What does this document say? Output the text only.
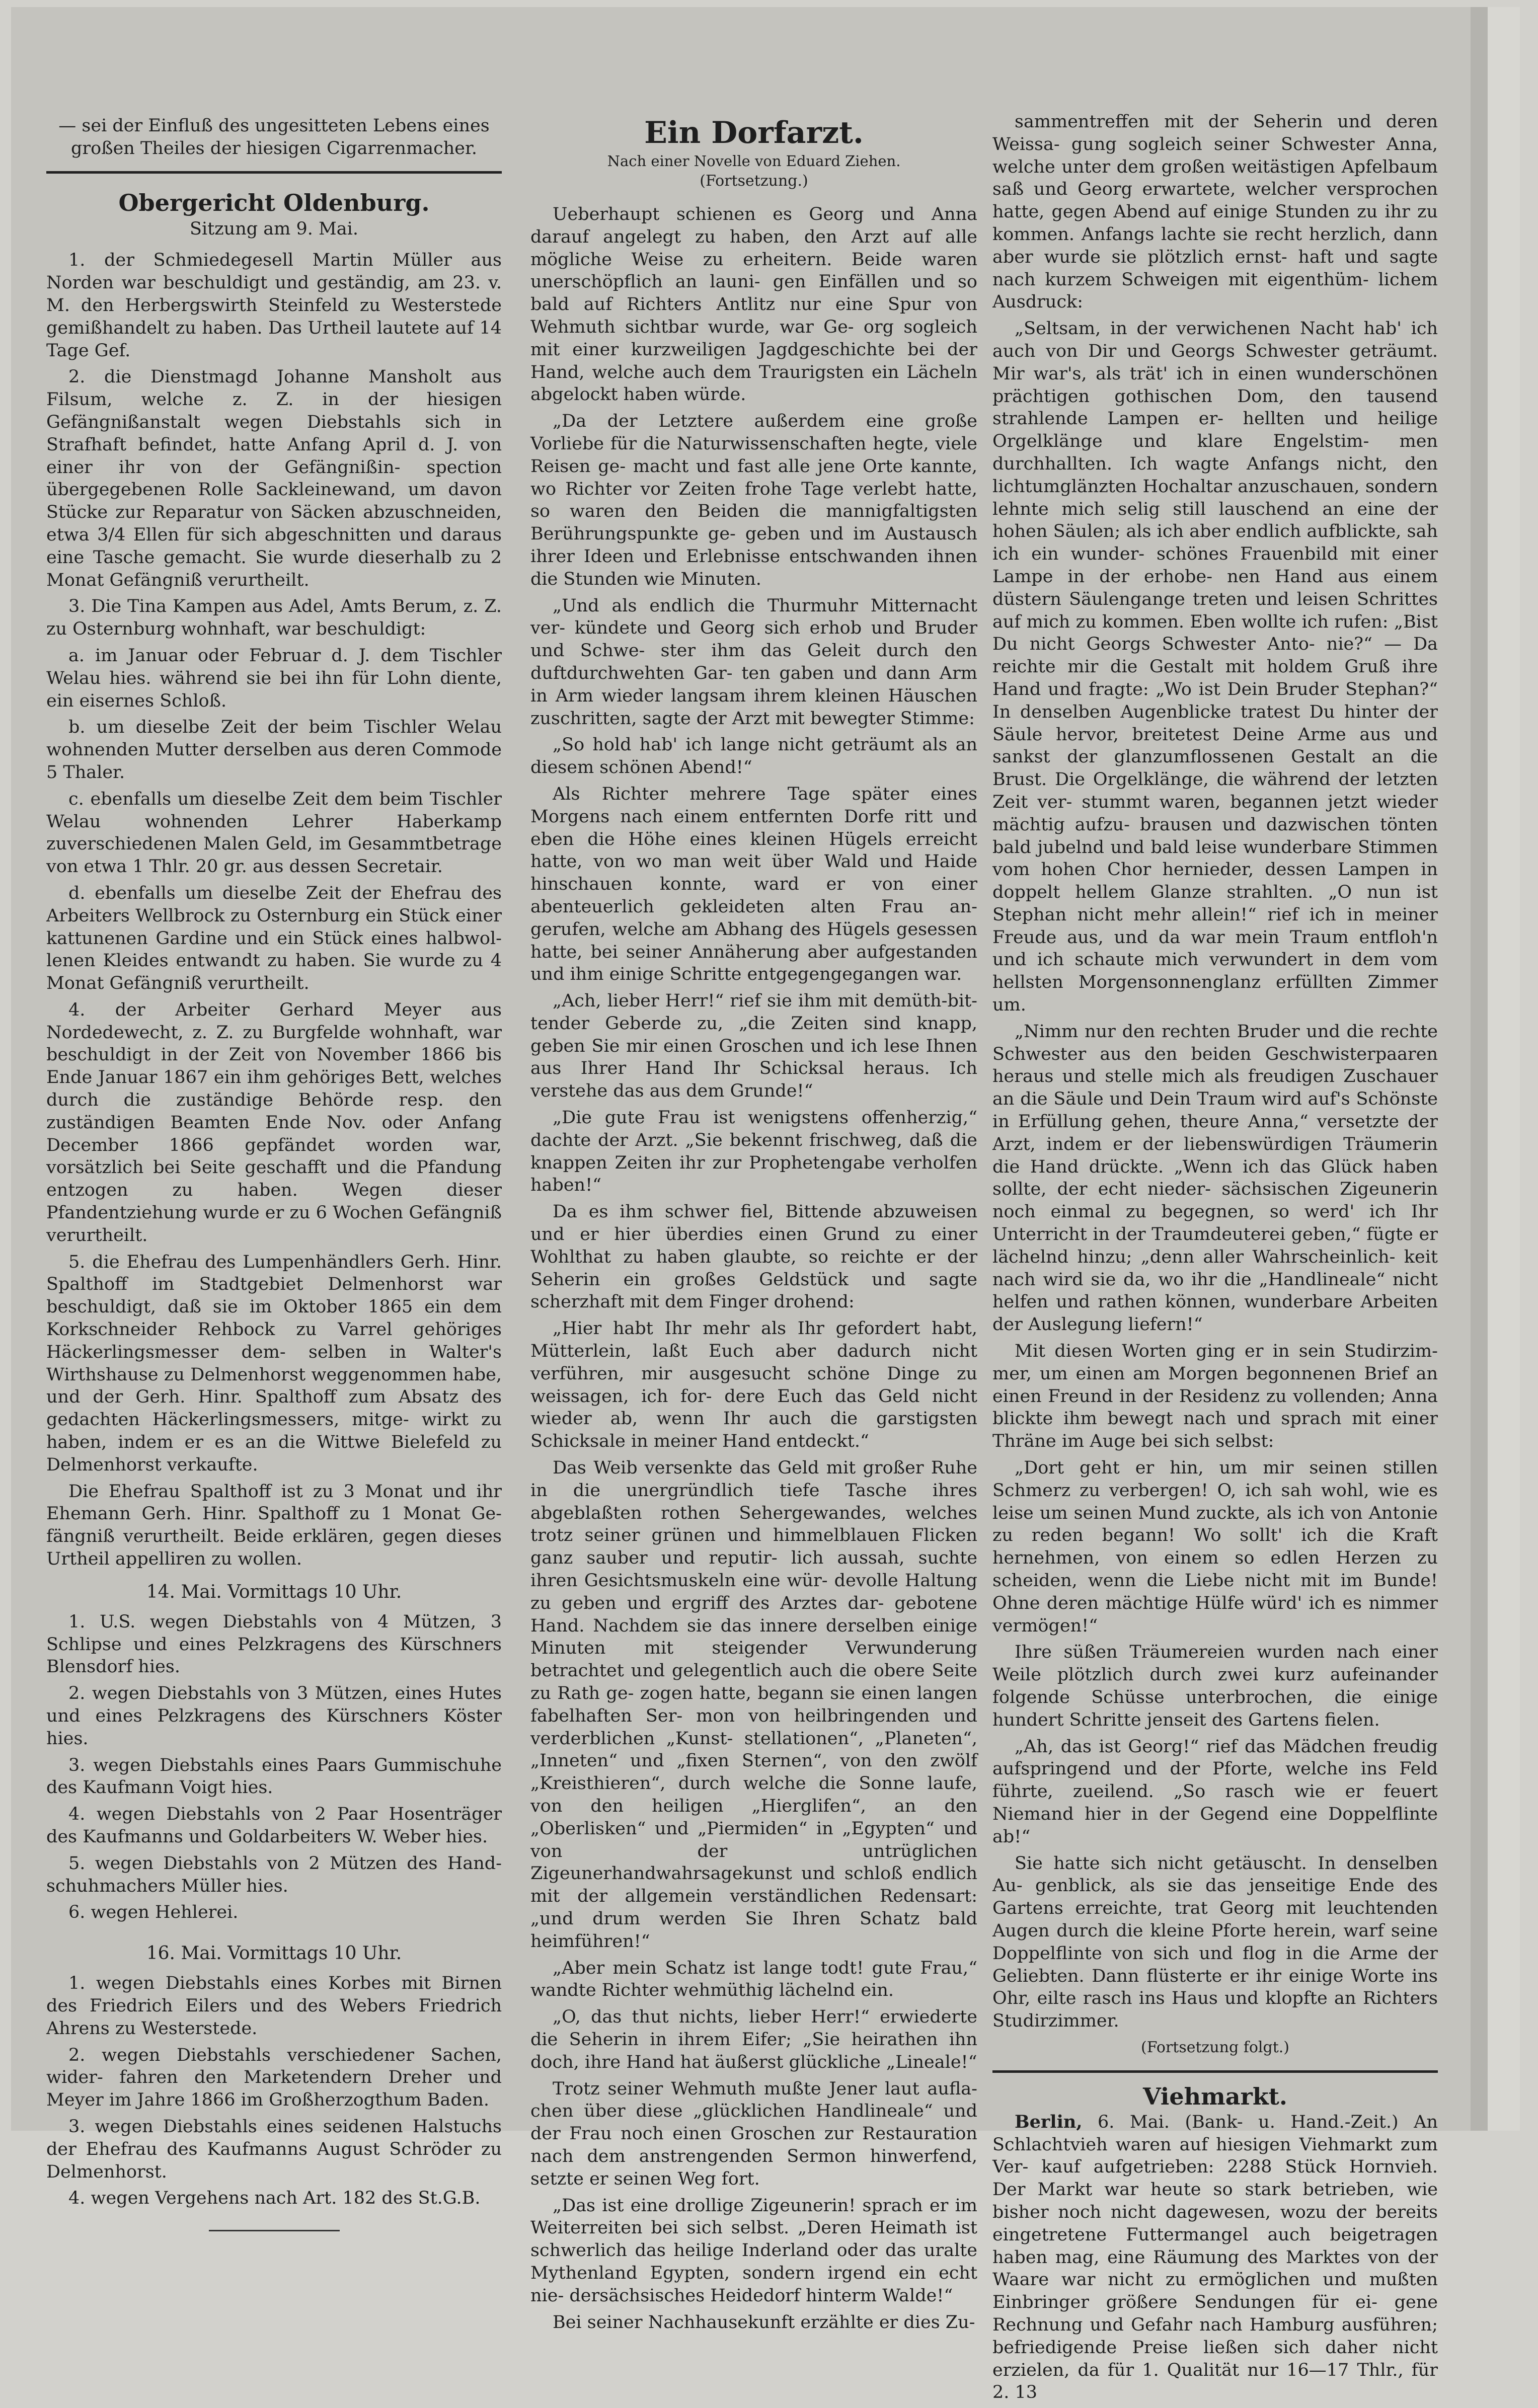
— sei der Einfluß des ungesitteten Lebens eines

großen Theiles der hiesigen Cigarrenmacher.

Obergericht Oldenburg.

Sitzung am 9. Mai.

1. der Schmiedegesell Martin Müller aus Norden war beschuldigt und geständig, am 23. v. M. den Herbergswirth Steinfeld zu Westerstede gemißhandelt zu haben. Das Urtheil lautete auf 14 Tage Gef.

2. die Dienstmagd Johanne Mansholt aus Filsum, welche z. Z. in der hiesigen Gefängnißanstalt wegen Diebstahls sich in Strafhaft befindet, hatte Anfang April d. J. von einer ihr von der Gefängnißin- spection übergegebenen Rolle Sackleinewand, um davon Stücke zur Reparatur von Säcken abzuschneiden, etwa 3/4 Ellen für sich abgeschnitten und daraus eine Tasche gemacht. Sie wurde dieserhalb zu 2 Monat Gefängniß verurtheilt.

3. Die Tina Kampen aus Adel, Amts Berum, z. Z. zu Osternburg wohnhaft, war beschuldigt:

a. im Januar oder Februar d. J. dem Tischler Welau hies. während sie bei ihn für Lohn diente, ein eisernes Schloß.

b. um dieselbe Zeit der beim Tischler Welau wohnenden Mutter derselben aus deren Commode 5 Thaler.

c. ebenfalls um dieselbe Zeit dem beim Tischler Welau wohnenden Lehrer Haberkamp zuverschiedenen Malen Geld, im Gesammtbetrage von etwa 1 Thlr. 20 gr. aus dessen Secretair.

d. ebenfalls um dieselbe Zeit der Ehefrau des Arbeiters Wellbrock zu Osternburg ein Stück einer kattunenen Gardine und ein Stück eines halbwol- lenen Kleides entwandt zu haben. Sie wurde zu 4 Monat Gefängniß verurtheilt.

4. der Arbeiter Gerhard Meyer aus Nordedewecht, z. Z. zu Burgfelde wohnhaft, war beschuldigt in der Zeit von November 1866 bis Ende Januar 1867 ein ihm gehöriges Bett, welches durch die zuständige Behörde resp. den zuständigen Beamten Ende Nov. oder Anfang December 1866 gepfändet worden war, vorsätzlich bei Seite geschafft und die Pfandung entzogen zu haben. Wegen dieser Pfandentziehung wurde er zu 6 Wochen Gefängniß verurtheilt.

5. die Ehefrau des Lumpenhändlers Gerh. Hinr. Spalthoff im Stadtgebiet Delmenhorst war beschuldigt, daß sie im Oktober 1865 ein dem Korkschneider Rehbock zu Varrel gehöriges Häckerlingsmesser dem- selben in Walter's Wirthshause zu Delmenhorst weggenommen habe, und der Gerh. Hinr. Spalthoff zum Absatz des gedachten Häckerlingsmessers, mitge- wirkt zu haben, indem er es an die Wittwe Bielefeld zu Delmenhorst verkaufte.

Die Ehefrau Spalthoff ist zu 3 Monat und ihr Ehemann Gerh. Hinr. Spalthoff zu 1 Monat Ge- fängniß verurtheilt. Beide erklären, gegen dieses Urtheil appelliren zu wollen.

14. Mai. Vormittags 10 Uhr.

1. U.S. wegen Diebstahls von 4 Mützen, 3 Schlipse und eines Pelzkragens des Kürschners Blensdorf hies.

2. wegen Diebstahls von 3 Mützen, eines Hutes und eines Pelzkragens des Kürschners Köster hies.

3. wegen Diebstahls eines Paars Gummischuhe des Kaufmann Voigt hies.

4. wegen Diebstahls von 2 Paar Hosenträger des Kaufmanns und Goldarbeiters W. Weber hies.

5. wegen Diebstahls von 2 Mützen des Hand- schuhmachers Müller hies.

6. wegen Hehlerei.

16. Mai. Vormittags 10 Uhr.

1. wegen Diebstahls eines Korbes mit Birnen des Friedrich Eilers und des Webers Friedrich Ahrens zu Westerstede.

2. wegen Diebstahls verschiedener Sachen, wider- fahren den Marketendern Dreher und Meyer im Jahre 1866 im Großherzogthum Baden.

3. wegen Diebstahls eines seidenen Halstuchs der Ehefrau des Kaufmanns August Schröder zu Delmenhorst.

4. wegen Vergehens nach Art. 182 des St.G.B.

Ein Dorfarzt.

Nach einer Novelle von Eduard Ziehen.

(Fortsetzung.)

Ueberhaupt schienen es Georg und Anna darauf angelegt zu haben, den Arzt auf alle mögliche Weise zu erheitern. Beide waren unerschöpflich an launi- gen Einfällen und so bald auf Richters Antlitz nur eine Spur von Wehmuth sichtbar wurde, war Ge- org sogleich mit einer kurzweiligen Jagdgeschichte bei der Hand, welche auch dem Traurigsten ein Lächeln abgelockt haben würde.

„Da der Letztere außerdem eine große Vorliebe für die Naturwissenschaften hegte, viele Reisen ge- macht und fast alle jene Orte kannte, wo Richter vor Zeiten frohe Tage verlebt hatte, so waren den Beiden die mannigfaltigsten Berührungspunkte ge- geben und im Austausch ihrer Ideen und Erlebnisse entschwanden ihnen die Stunden wie Minuten.

„Und als endlich die Thurmuhr Mitternacht ver- kündete und Georg sich erhob und Bruder und Schwe- ster ihm das Geleit durch den duftdurchwehten Gar- ten gaben und dann Arm in Arm wieder langsam ihrem kleinen Häuschen zuschritten, sagte der Arzt mit bewegter Stimme:

„So hold hab' ich lange nicht geträumt als an diesem schönen Abend!“

Als Richter mehrere Tage später eines Morgens nach einem entfernten Dorfe ritt und eben die Höhe eines kleinen Hügels erreicht hatte, von wo man weit über Wald und Haide hinschauen konnte, ward er von einer abenteuerlich gekleideten alten Frau an- gerufen, welche am Abhang des Hügels gesessen hatte, bei seiner Annäherung aber aufgestanden und ihm einige Schritte entgegengegangen war.

„Ach, lieber Herr!“ rief sie ihm mit demüth-bit- tender Geberde zu, „die Zeiten sind knapp, geben Sie mir einen Groschen und ich lese Ihnen aus Ihrer Hand Ihr Schicksal heraus. Ich verstehe das aus dem Grunde!“

„Die gute Frau ist wenigstens offenherzig,“ dachte der Arzt. „Sie bekennt frischweg, daß die knappen Zeiten ihr zur Prophetengabe verholfen haben!“

Da es ihm schwer fiel, Bittende abzuweisen und er hier überdies einen Grund zu einer Wohlthat zu haben glaubte, so reichte er der Seherin ein großes Geldstück und sagte scherzhaft mit dem Finger drohend:

„Hier habt Ihr mehr als Ihr gefordert habt, Mütterlein, laßt Euch aber dadurch nicht verführen, mir ausgesucht schöne Dinge zu weissagen, ich for- dere Euch das Geld nicht wieder ab, wenn Ihr auch die garstigsten Schicksale in meiner Hand entdeckt.“

Das Weib versenkte das Geld mit großer Ruhe in die unergründlich tiefe Tasche ihres abgeblaßten rothen Sehergewandes, welches trotz seiner grünen und himmelblauen Flicken ganz sauber und reputir- lich aussah, suchte ihren Gesichtsmuskeln eine wür- devolle Haltung zu geben und ergriff des Arztes dar- gebotene Hand. Nachdem sie das innere derselben einige Minuten mit steigender Verwunderung betrachtet und gelegentlich auch die obere Seite zu Rath ge- zogen hatte, begann sie einen langen fabelhaften Ser- mon von heilbringenden und verderblichen „Kunst- stellationen“, „Planeten“, „Inneten“ und „fixen Sternen“, von den zwölf „Kreisthieren“, durch welche die Sonne laufe, von den heiligen „Hierglifen“, an den „Oberlisken“ und „Piermiden“ in „Egypten“ und von der untrüglichen Zigeunerhandwahrsagekunst und schloß endlich mit der allgemein verständlichen Redensart: „und drum werden Sie Ihren Schatz bald heimführen!“

„Aber mein Schatz ist lange todt! gute Frau,“ wandte Richter wehmüthig lächelnd ein.

„O, das thut nichts, lieber Herr!“ erwiederte die Seherin in ihrem Eifer; „Sie heirathen ihn doch, ihre Hand hat äußerst glückliche „Lineale!“

Trotz seiner Wehmuth mußte Jener laut aufla- chen über diese „glücklichen Handlineale“ und der Frau noch einen Groschen zur Restauration nach dem anstrengenden Sermon hinwerfend, setzte er seinen Weg fort.

„Das ist eine drollige Zigeunerin! sprach er im Weiterreiten bei sich selbst. „Deren Heimath ist schwerlich das heilige Inderland oder das uralte Mythenland Egypten, sondern irgend ein echt nie- dersächsisches Heidedorf hinterm Walde!“

Bei seiner Nachhausekunft erzählte er dies Zu-

sammentreffen mit der Seherin und deren Weissa- gung sogleich seiner Schwester Anna, welche unter dem großen weitästigen Apfelbaum saß und Georg erwartete, welcher versprochen hatte, gegen Abend auf einige Stunden zu ihr zu kommen. Anfangs lachte sie recht herzlich, dann aber wurde sie plötzlich ernst- haft und sagte nach kurzem Schweigen mit eigenthüm- lichem Ausdruck:

„Seltsam, in der verwichenen Nacht hab' ich auch von Dir und Georgs Schwester geträumt. Mir war's, als trät' ich in einen wunderschönen prächtigen gothischen Dom, den tausend strahlende Lampen er- hellten und heilige Orgelklänge und klare Engelstim- men durchhallten. Ich wagte Anfangs nicht, den lichtumglänzten Hochaltar anzuschauen, sondern lehnte mich selig still lauschend an eine der hohen Säulen; als ich aber endlich aufblickte, sah ich ein wunder- schönes Frauenbild mit einer Lampe in der erhobe- nen Hand aus einem düstern Säulengange treten und leisen Schrittes auf mich zu kommen. Eben wollte ich rufen: „Bist Du nicht Georgs Schwester Anto- nie?“ — Da reichte mir die Gestalt mit holdem Gruß ihre Hand und fragte: „Wo ist Dein Bruder Stephan?“ In denselben Augenblicke tratest Du hinter der Säule hervor, breitetest Deine Arme aus und sankst der glanzumflossenen Gestalt an die Brust. Die Orgelklänge, die während der letzten Zeit ver- stummt waren, begannen jetzt wieder mächtig aufzu- brausen und dazwischen tönten bald jubelnd und bald leise wunderbare Stimmen vom hohen Chor hernieder, dessen Lampen in doppelt hellem Glanze strahlten. „O nun ist Stephan nicht mehr allein!“ rief ich in meiner Freude aus, und da war mein Traum entfloh'n und ich schaute mich verwundert in dem vom hellsten Morgensonnenglanz erfüllten Zimmer um.

„Nimm nur den rechten Bruder und die rechte Schwester aus den beiden Geschwisterpaaren heraus und stelle mich als freudigen Zuschauer an die Säule und Dein Traum wird auf's Schönste in Erfüllung gehen, theure Anna,“ versetzte der Arzt, indem er der liebenswürdigen Träumerin die Hand drückte. „Wenn ich das Glück haben sollte, der echt nieder- sächsischen Zigeunerin noch einmal zu begegnen, so werd' ich Ihr Unterricht in der Traumdeuterei geben,“ fügte er lächelnd hinzu; „denn aller Wahrscheinlich- keit nach wird sie da, wo ihr die „Handlineale“ nicht helfen und rathen können, wunderbare Arbeiten der Auslegung liefern!“

Mit diesen Worten ging er in sein Studirzim- mer, um einen am Morgen begonnenen Brief an einen Freund in der Residenz zu vollenden; Anna blickte ihm bewegt nach und sprach mit einer Thräne im Auge bei sich selbst:

„Dort geht er hin, um mir seinen stillen Schmerz zu verbergen! O, ich sah wohl, wie es leise um seinen Mund zuckte, als ich von Antonie zu reden begann! Wo sollt' ich die Kraft hernehmen, von einem so edlen Herzen zu scheiden, wenn die Liebe nicht mit im Bunde! Ohne deren mächtige Hülfe würd' ich es nimmer vermögen!“

Ihre süßen Träumereien wurden nach einer Weile plötzlich durch zwei kurz aufeinander folgende Schüsse unterbrochen, die einige hundert Schritte jenseit des Gartens fielen.

„Ah, das ist Georg!“ rief das Mädchen freudig aufspringend und der Pforte, welche ins Feld führte, zueilend. „So rasch wie er feuert Niemand hier in der Gegend eine Doppelflinte ab!“

Sie hatte sich nicht getäuscht. In denselben Au- genblick, als sie das jenseitige Ende des Gartens erreichte, trat Georg mit leuchtenden Augen durch die kleine Pforte herein, warf seine Doppelflinte von sich und flog in die Arme der Geliebten. Dann flüsterte er ihr einige Worte ins Ohr, eilte rasch ins Haus und klopfte an Richters Studirzimmer.

(Fortsetzung folgt.)

Viehmarkt.

Berlin, 6. Mai. (Bank- u. Hand.-Zeit.) An Schlachtvieh waren auf hiesigen Viehmarkt zum Ver- kauf aufgetrieben: 2288 Stück Hornvieh. Der Markt war heute so stark betrieben, wie bisher noch nicht dagewesen, wozu der bereits eingetretene Futtermangel auch beigetragen haben mag, eine Räumung des Marktes von der Waare war nicht zu ermöglichen und mußten Einbringer größere Sendungen für ei- gene Rechnung und Gefahr nach Hamburg ausführen; befriedigende Preise ließen sich daher nicht erzielen, da für 1. Qualität nur 16—17 Thlr., für 2. 13
